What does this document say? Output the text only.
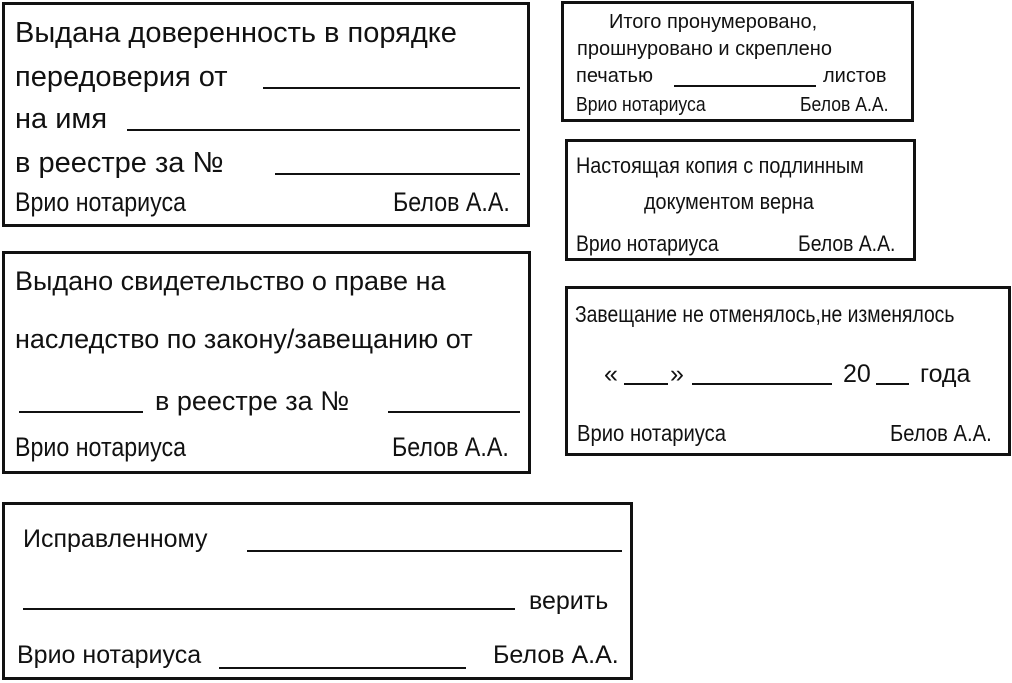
Выдана доверенность в порядке
передоверия от
на имя
в реестре за №
Врио нотариуса	Белов А.А.
Выдано свидетельство о праве на
наследство по закону/завещанию от
в реестре за №
Врио нотариуса	Белов А.А.
Исправленному
верить
Врио нотариуса	Белов А.А.
Итого пронумеровано,
прошнуровано и скреплено
печатью	листов
Врио нотариуса	Белов А.А.
Настоящая копия с подлинным
документом верна
Врио нотариуса	Белов А.А.
Завещание не отменялось,не изменялось
« »	20 года
Врио нотариуса	Белов А.А.
